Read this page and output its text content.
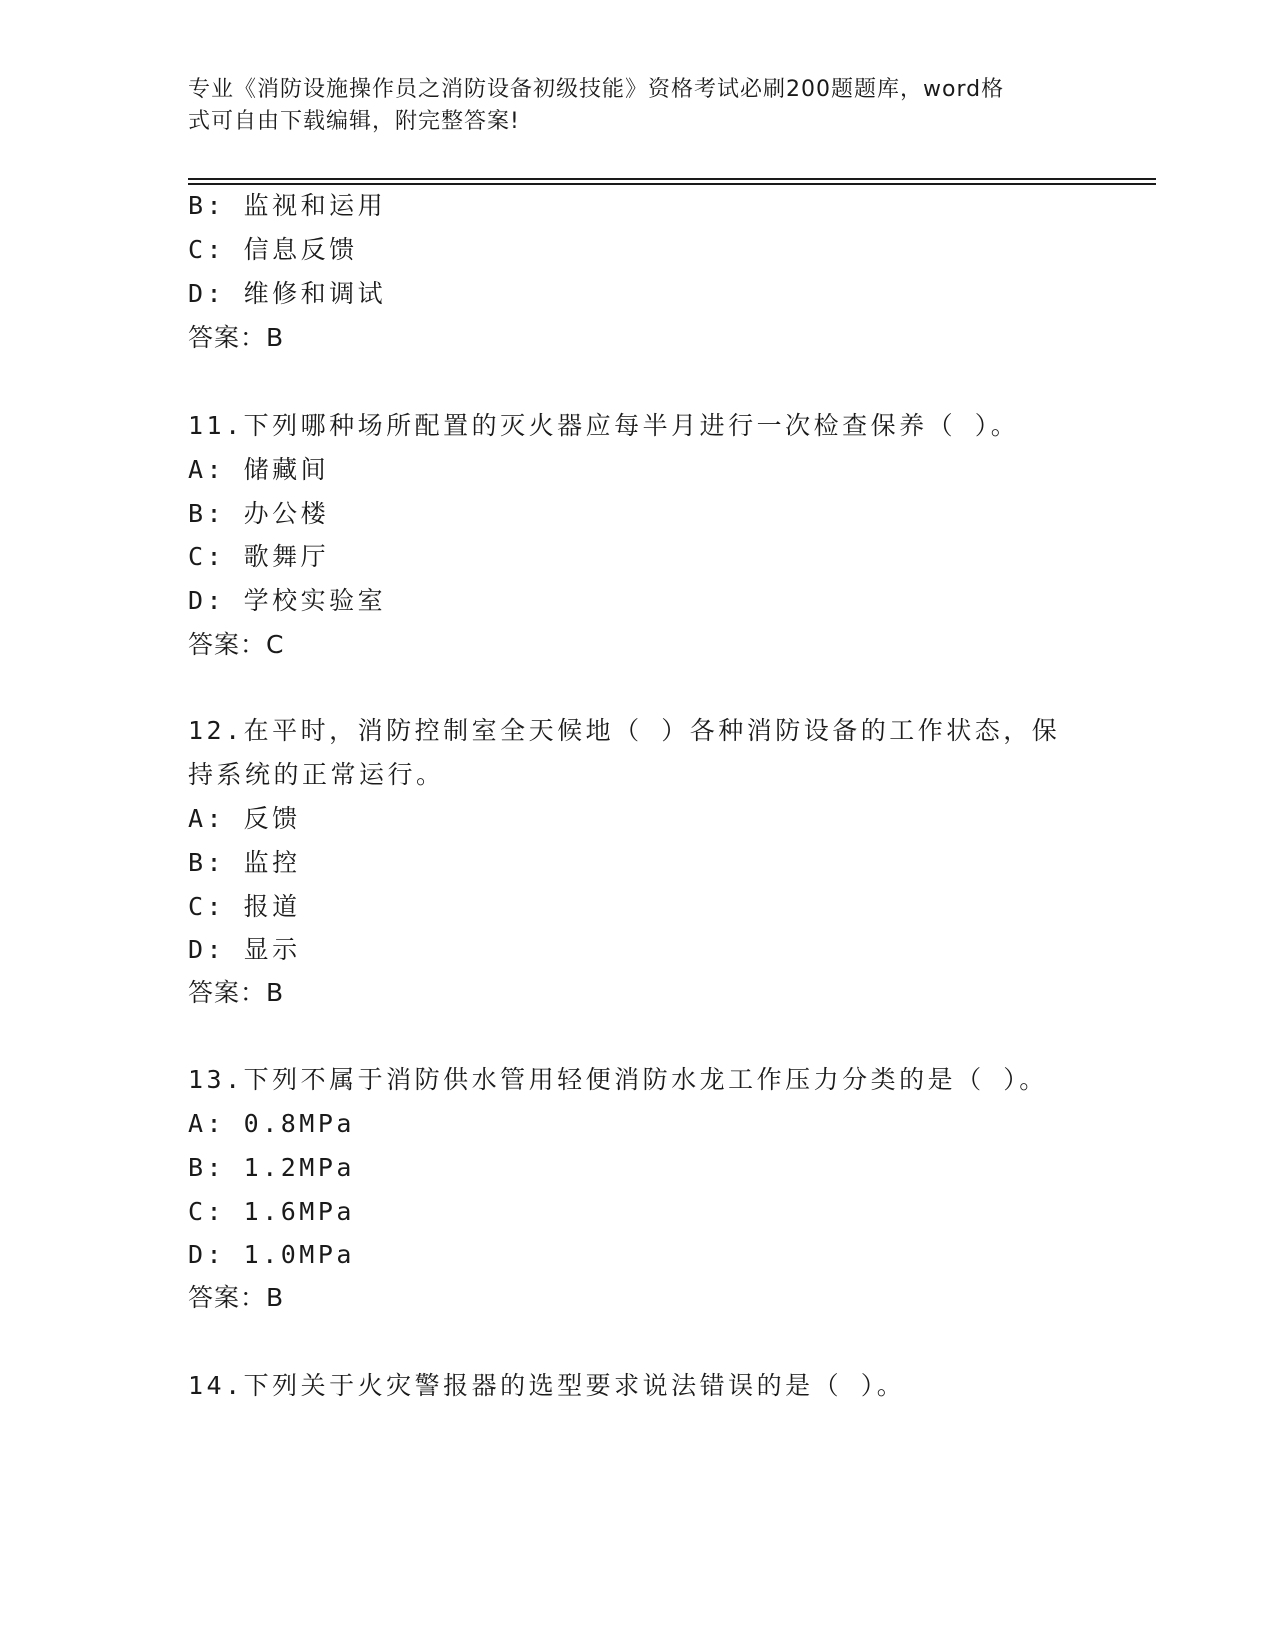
专业《消防设施操作员之消防设备初级技能》资格考试必刷200题题库，word格
式可自由下载编辑，附完整答案!
B: 监视和运用
C: 信息反馈
D: 维修和调试
答案：B
11.下列哪种场所配置的灭火器应每半月进行一次检查保养（ ）。
A: 储藏间
B: 办公楼
C: 歌舞厅
D: 学校实验室
答案：C
12.在平时，消防控制室全天候地（ ）各种消防设备的工作状态，保
持系统的正常运行。
A: 反馈
B: 监控
C: 报道
D: 显示
答案：B
13.下列不属于消防供水管用轻便消防水龙工作压力分类的是（ ）。
A: 0.8MPa
B: 1.2MPa
C: 1.6MPa
D: 1.0MPa
答案：B
14.下列关于火灾警报器的选型要求说法错误的是（ ）。
